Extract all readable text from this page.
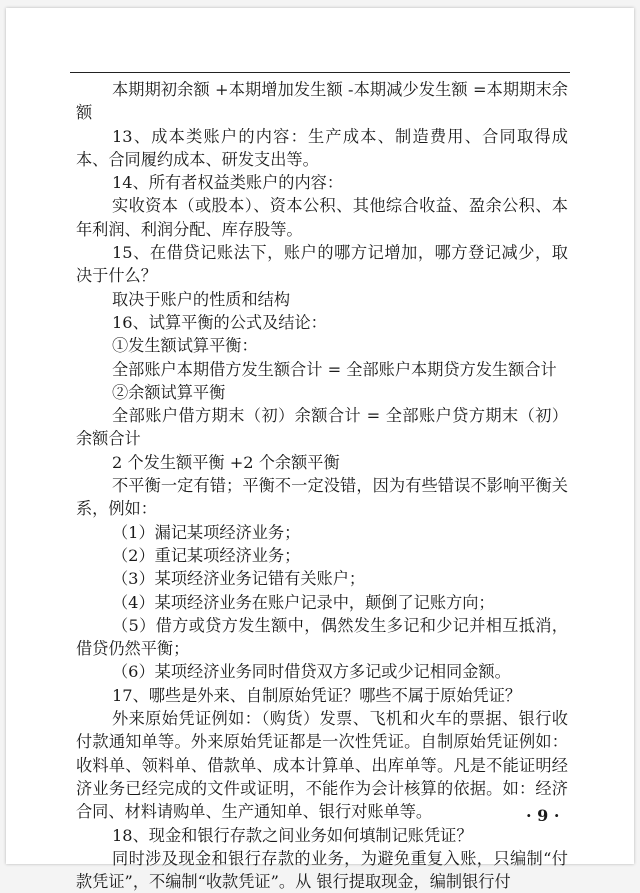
本期期初余额 +本期增加发生额 -本期减少发生额 =本期期末余额

13、成本类账户的内容：生产成本、制造费用、合同取得成本、合同履约成本、研发支出等。

14、所有者权益类账户的内容：

实收资本（或股本）、资本公积、其他综合收益、盈余公积、本年利润、利润分配、库存股等。

15、在借贷记账法下，账户的哪方记增加，哪方登记减少，取决于什么？

取决于账户的性质和结构

16、试算平衡的公式及结论：

①发生额试算平衡：

全部账户本期借方发生额合计 = 全部账户本期贷方发生额合计

②余额试算平衡

全部账户借方期末（初）余额合计 = 全部账户贷方期末（初）余额合计

2 个发生额平衡 +2 个余额平衡

不平衡一定有错；平衡不一定没错，因为有些错误不影响平衡关系，例如：

（1）漏记某项经济业务；

（2）重记某项经济业务；

（3）某项经济业务记错有关账户；

（4）某项经济业务在账户记录中，颠倒了记账方向；

（5）借方或贷方发生额中，偶然发生多记和少记并相互抵消，借贷仍然平衡；

（6）某项经济业务同时借贷双方多记或少记相同金额。

17、哪些是外来、自制原始凭证？哪些不属于原始凭证？

外来原始凭证例如：（购货）发票、飞机和火车的票据、银行收付款通知单等。外来原始凭证都是一次性凭证。自制原始凭证例如：收料单、领料单、借款单、成本计算单、出库单等。凡是不能证明经济业务已经完成的文件或证明，不能作为会计核算的依据。如：经济合同、材料请购单、生产通知单、银行对账单等。

18、现金和银行存款之间业务如何填制记账凭证？

同时涉及现金和银行存款的业务，为避免重复入账，只编制“付款凭证”，不编制“收款凭证”。从 银行提取现金，编制银行付

· 9 ·
